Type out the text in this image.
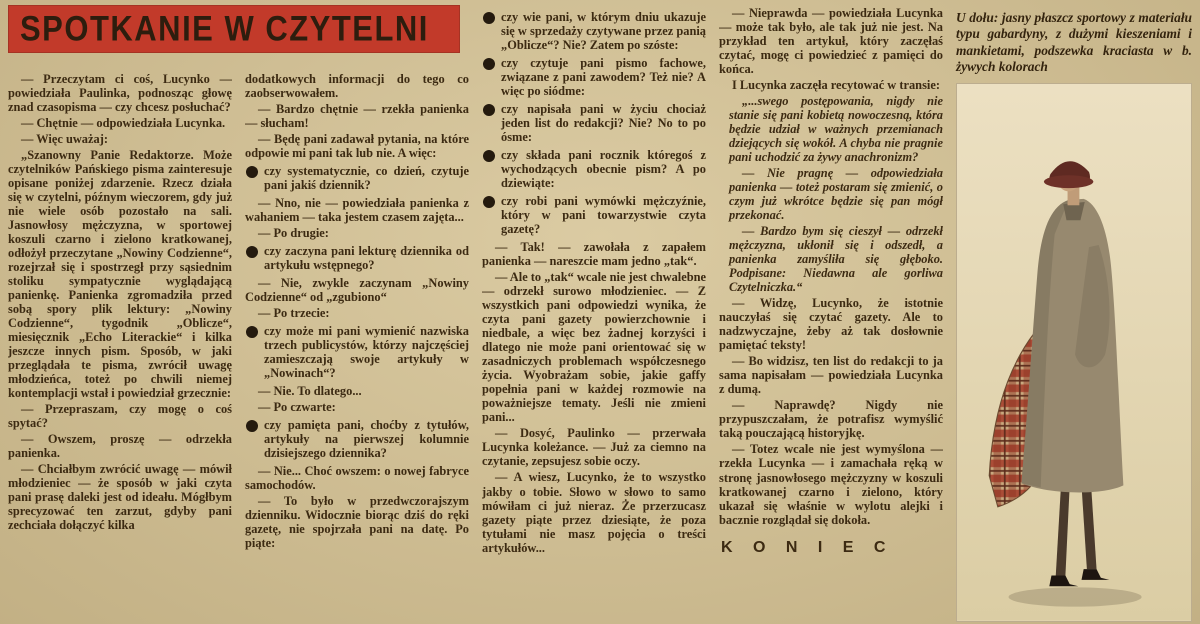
SPOTKANIE W CZYTELNI

— Przeczytam ci coś, Lucynko — powiedziała Paulinka, podnosząc głowę znad czasopisma — czy chcesz posłuchać?

— Chętnie — odpowiedziała Lucynka.

— Więc uważaj:

„Szanowny Panie Redaktorze. Może czytelników Pańskiego pisma zainteresuje opisane poniżej zdarzenie. Rzecz działa się w czytelni, późnym wieczorem, gdy już nie wiele osób pozostało na sali. Jasnowłosy mężczyzna, w sportowej koszuli czarno i zielono kratkowanej, odłożył przeczytane „Nowiny Codzienne“, rozejrzał się i spostrzegł przy sąsiednim stoliku sympatycznie wyglądającą panienkę. Panienka zgromadziła przed sobą spory plik lektury: „Nowiny Codzienne“, tygodnik „Oblicze“, miesięcznik „Echo Literackie“ i kilka jeszcze innych pism. Sposób, w jaki przeglądała te pisma, zwrócił uwagę młodzieńca, toteż po chwili niemej kontemplacji wstał i powiedział grzecznie:

— Przepraszam, czy mogę o coś spytać?

— Owszem, proszę — odrzekła panienka.

— Chciałbym zwrócić uwagę — mówił młodzieniec — że sposób w jaki czyta pani prasę daleki jest od ideału. Mógłbym sprecyzować ten zarzut, gdyby pani zechciała dołączyć kilka

dodatkowych informacji do tego co zaobserwowałem.

— Bardzo chętnie — rzekła panienka — słucham!

— Będę pani zadawał pytania, na które odpowie mi pani tak lub nie. A więc:

czy systematycznie, co dzień, czytuje pani jakiś dziennik?

— Nno, nie — powiedziała panienka z wahaniem — taka jestem czasem zajęta...

— Po drugie:

czy zaczyna pani lekturę dziennika od artykułu wstępnego?

— Nie, zwykle zaczynam „Nowiny Codzienne“ od „zgubiono“

— Po trzecie:

czy może mi pani wymienić nazwiska trzech publicystów, którzy najczęściej zamieszczają swoje artykuły w „Nowinach“?

— Nie. To dlatego...

— Po czwarte:

czy pamięta pani, choćby z tytułów, artykuły na pierwszej kolumnie dzisiejszego dziennika?

— Nie... Choć owszem: o nowej fabryce samochodów.

— To było w przedwczorajszym dzienniku. Widocznie biorąc dziś do ręki gazetę, nie spojrzała pani na datę. Po piąte:

czy wie pani, w którym dniu ukazuje się w sprzedaży czytywane przez panią „Oblicze“? Nie? Zatem po szóste:

czy czytuje pani pismo fachowe, związane z pani zawodem? Też nie? A więc po siódme:

czy napisała pani w życiu chociaż jeden list do redakcji? Nie? No to po ósme:

czy składa pani rocznik któregoś z wychodzących obecnie pism? A po dziewiąte:

czy robi pani wymówki mężczyźnie, który w pani towarzystwie czyta gazetę?

— Tak! — zawołała z zapałem panienka — nareszcie mam jedno „tak“.

— Ale to „tak“ wcale nie jest chwalebne — odrzekł surowo młodzieniec. — Z wszystkich pani odpowiedzi wynika, że czyta pani gazety powierzchownie i niedbale, a więc bez żadnej korzyści i dlatego nie może pani orientować się w zasadniczych problemach współczesnego życia. Wyobrażam sobie, jakie gaffy popełnia pani w każdej rozmowie na poważniejsze tematy. Jeśli nie zmieni pani...

— Dosyć, Paulinko — przerwała Lucynka koleżance. — Już za ciemno na czytanie, zepsujesz sobie oczy.

— A wiesz, Lucynko, że to wszystko jakby o tobie. Słowo w słowo to samo mówiłam ci już nieraz. Że przerzucasz gazety piąte przez dziesiąte, że poza tytułami nie masz pojęcia o treści artykułów...

— Nieprawda — powiedziała Lucynka — może tak było, ale tak już nie jest. Na przykład ten artykuł, który zaczęłaś czytać, mogę ci powiedzieć z pamięci do końca.

I Lucynka zaczęła recytować w transie:

„...swego postępowania, nigdy nie stanie się pani kobietą nowoczesną, która będzie udział w ważnych przemianach dziejących się wokół. A chyba nie pragnie pani uchodzić za żywy anachronizm?

— Nie pragnę — odpowiedziała panienka — toteż postaram się zmienić, o czym już wkrótce będzie się pan mógł przekonać.

— Bardzo bym się cieszył — odrzekł mężczyzna, ukłonił się i odszedł, a panienka zamyśliła się głęboko. Podpisane: Niedawna ale gorliwa Czytelniczka.“

— Widzę, Lucynko, że istotnie nauczyłaś się czytać gazety. Ale to nadzwyczajne, żeby aż tak dosłownie pamiętać teksty!

— Bo widzisz, ten list do redakcji to ja sama napisałam — powiedziała Lucynka z dumą.

— Naprawdę? Nigdy nie przypuszczałam, że potrafisz wymyślić taką pouczającą historyjkę.

— Totez wcale nie jest wymyślona — rzekła Lucynka — i zamachała ręką w stronę jasnowłosego mężczyzny w koszuli kratkowanej czarno i zielono, który ukazał się właśnie w wylotu alejki i bacznie rozglądał się dokoła.

K O N I E C

U dołu: jasny płaszcz sportowy z materiału typu gabardyny, z dużymi kieszeniami i mankietami, podszewka kraciasta w b. żywych kolorach
